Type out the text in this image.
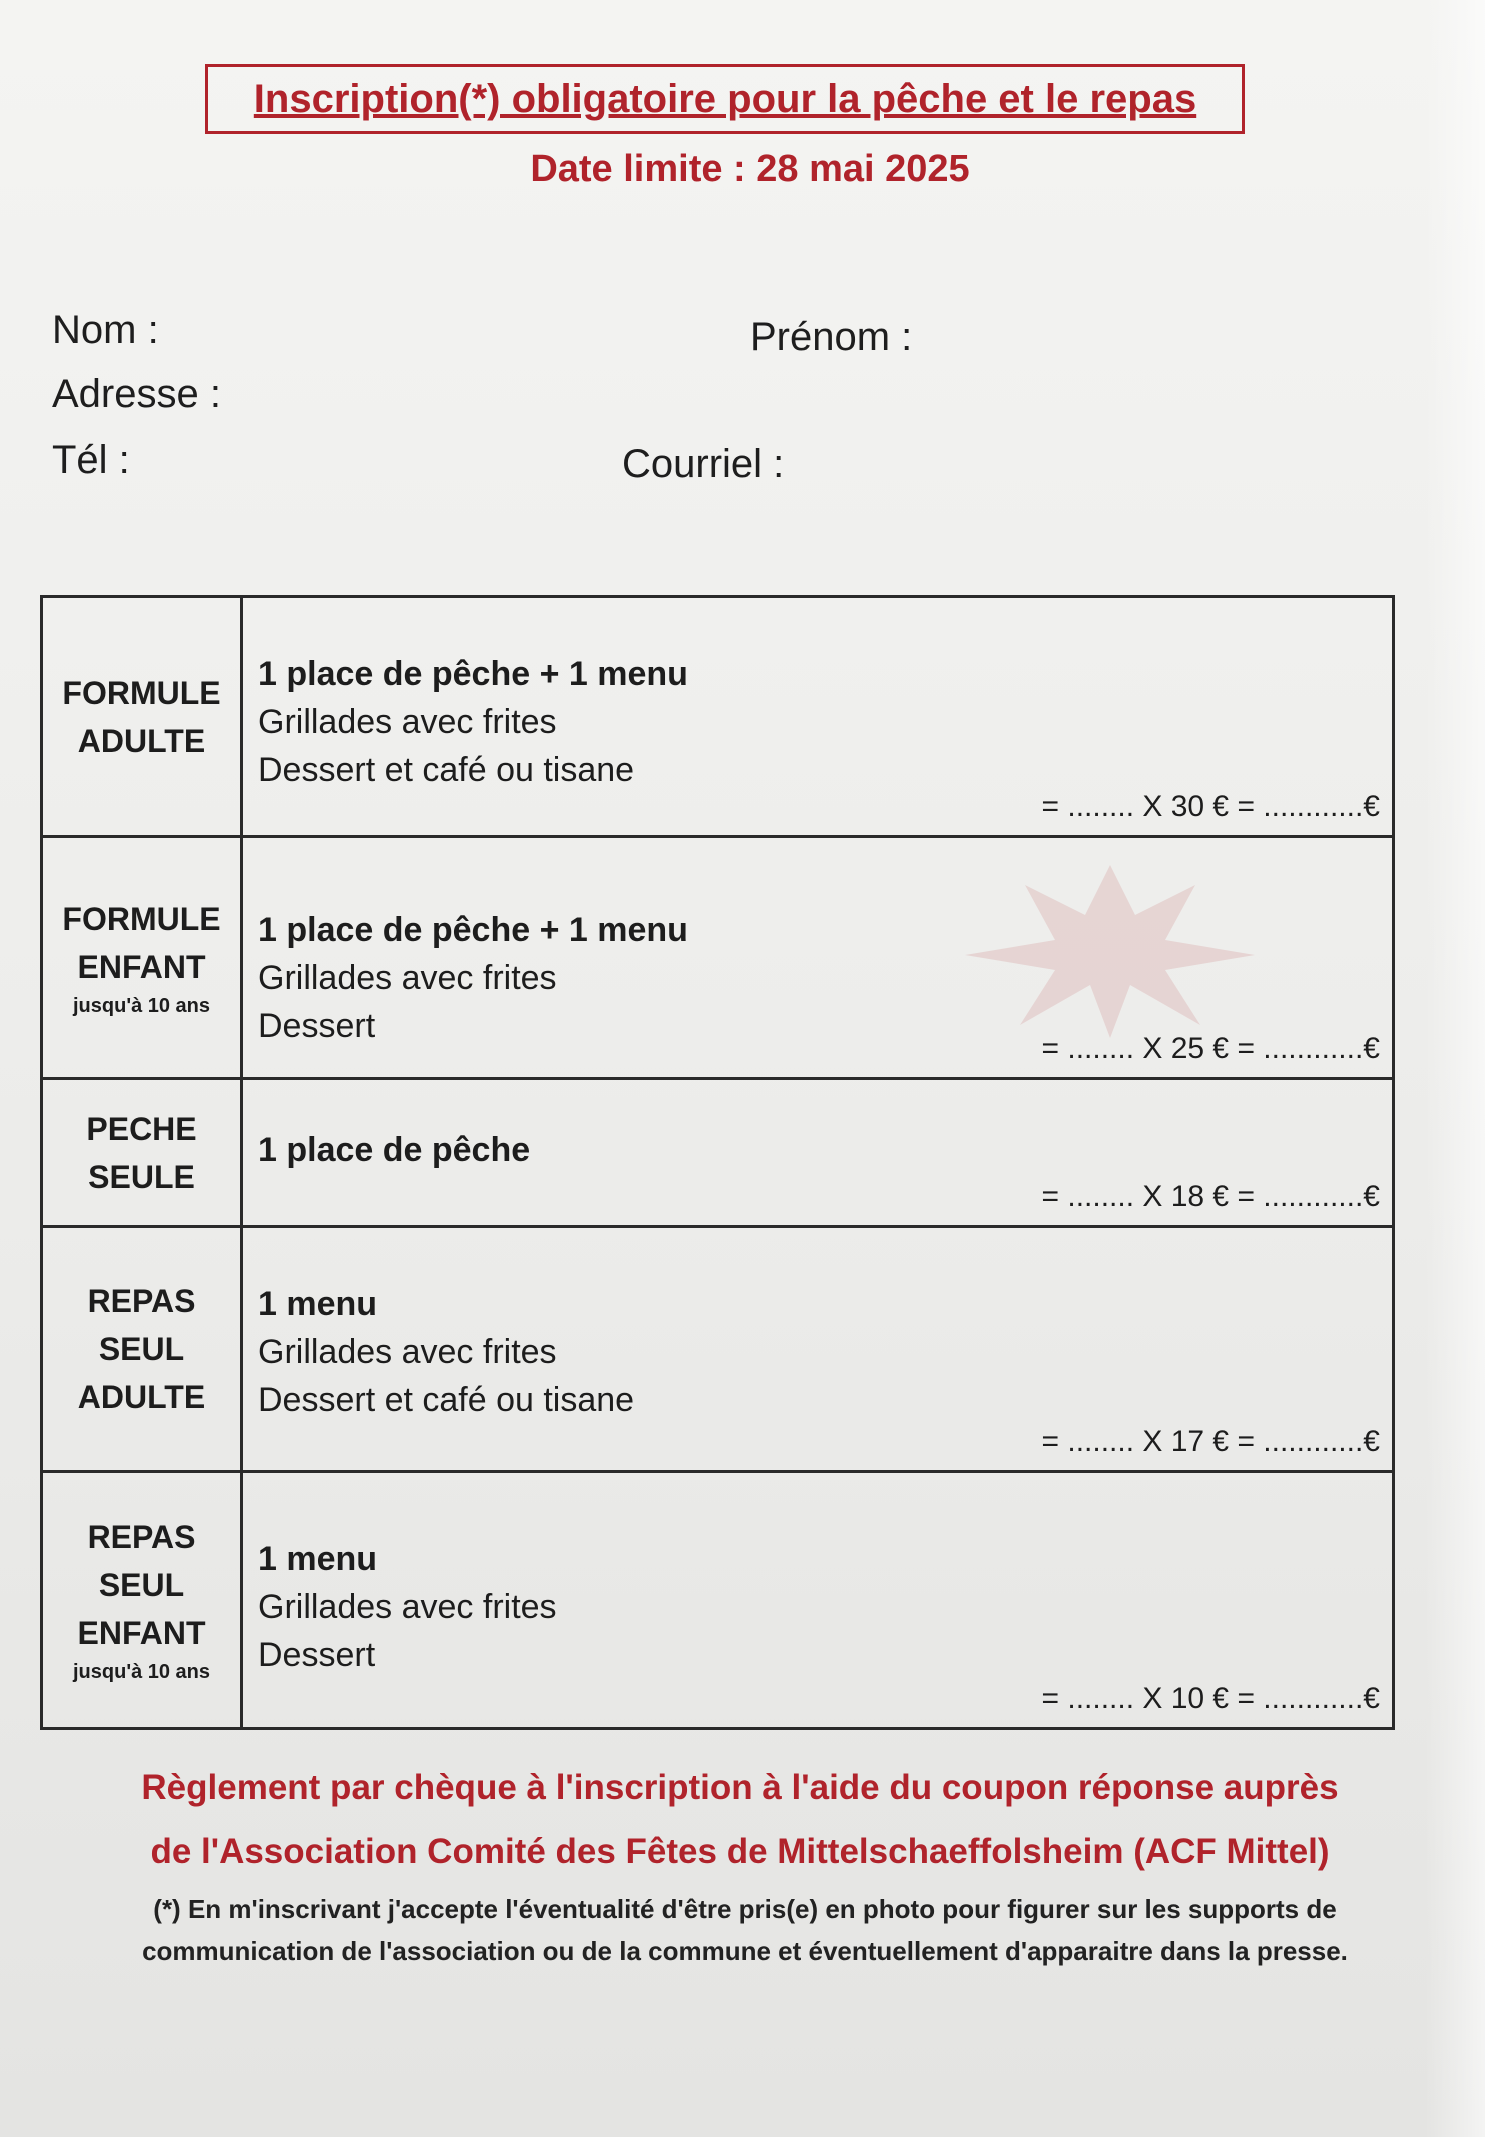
Inscription(*) obligatoire pour la pêche et le repas
Date limite : 28 mai 2025
Nom :	Prénom :
Adresse :
Tél :	Courriel :
FORMULE
ADULTE
1 place de pêche + 1 menu
Grillades avec frites
Dessert et café ou tisane
= ........ X 30 € = ............€
FORMULE
ENFANT
jusqu'à 10 ans
1 place de pêche + 1 menu
Grillades avec frites
Dessert
= ........ X 25 € = ............€
PECHE
SEULE
1 place de pêche
= ........ X 18 € = ............€
REPAS
SEUL
ADULTE
1 menu
Grillades avec frites
Dessert et café ou tisane
= ........ X 17 € = ............€
REPAS
SEUL
ENFANT
jusqu'à 10 ans
1 menu
Grillades avec frites
Dessert
= ........ X 10 € = ............€
Règlement par chèque à l'inscription à l'aide du coupon réponse auprès
de l'Association Comité des Fêtes de Mittelschaeffolsheim (ACF Mittel)
(*) En m'inscrivant j'accepte l'éventualité d'être pris(e) en photo pour figurer sur les supports de
communication de l'association ou de la commune et éventuellement d'apparaitre dans la presse.
